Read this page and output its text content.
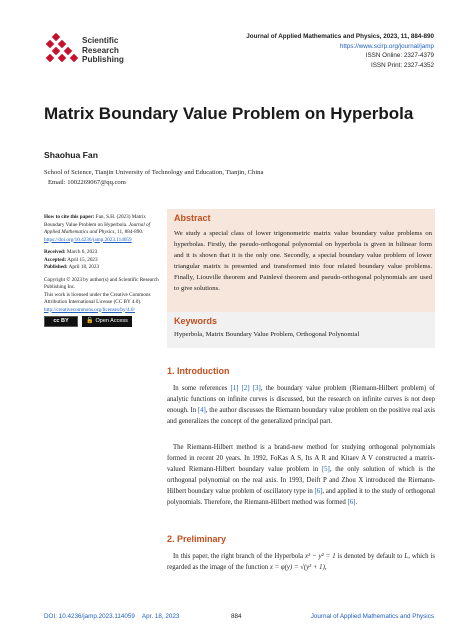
Scientific
Research
Publishing
Journal of Applied Mathematics and Physics, 2023, 11, 884-890
https://www.scirp.org/journal/jamp
ISSN Online: 2327-4379
ISSN Print: 2327-4352
Matrix Boundary Value Problem on Hyperbola
Shaohua Fan
School of Science, Tianjin University of Technology and Education, Tianjin, China
Email: 1002269067@qq.com
How to cite this paper: Fan, S.H. (2023) Matrix Boundary Value Problem on Hyperbola. Journal of Applied Mathematics and Physics, 11, 884-890.
https://doi.org/10.4236/jamp.2023.114059
Received: March 6, 2023
Accepted: April 15, 2023
Published: April 18, 2023
Copyright © 2023 by author(s) and Scientific Research Publishing Inc.
This work is licensed under the Creative Commons Attribution International License (CC BY 4.0).
http://creativecommons.org/licenses/by/4.0/
cc BY	🔓 Open Access
Abstract
We study a special class of lower trigonometric matrix value boundary value problems on hyperbolas. Firstly, the pseudo-orthogonal polynomial on hyperbola is given in bilinear form and it is shown that it is the only one. Secondly, a special boundary value problem of lower triangular matrix is presented and transformed into four related boundary value problems. Finally, Liouville theorem and Painlevé theorem and pseudo-orthogonal polynomials are used to give solutions.
Keywords
Hyperbola, Matrix Boundary Value Problem, Orthogonal Polynomial
1. Introduction
In some references [1] [2] [3], the boundary value problem (Riemann-Hilbert problem) of analytic functions on infinite curves is discussed, but the research on infinite curves is not deep enough. In [4], the author discusses the Riemann boundary value problem on the positive real axis and generalizes the concept of the generalized principal part.
The Riemann-Hilbert method is a brand-new method for studying orthogonal polynomials formed in recent 20 years. In 1992, FoKas A S, Its A R and Kitaev A V constructed a matrix-valued Riemann-Hilbert boundary value problem in [5], the only solution of which is the orthogonal polynomial on the real axis. In 1993, Deift P and Zhou X introduced the Riemann-Hilbert boundary value problem of oscillatory type in [6], and applied it to the study of orthogonal polynomials. Therefore, the Riemann-Hilbert method was formed [6].
2. Preliminary
In this paper, the right branch of the Hyperbola x² − y² = 1 is denoted by default to L, which is regarded as the image of the function x = φ(y) = √(y² + 1),
DOI: 10.4236/jamp.2023.114059 Apr. 18, 2023	884	Journal of Applied Mathematics and Physics
